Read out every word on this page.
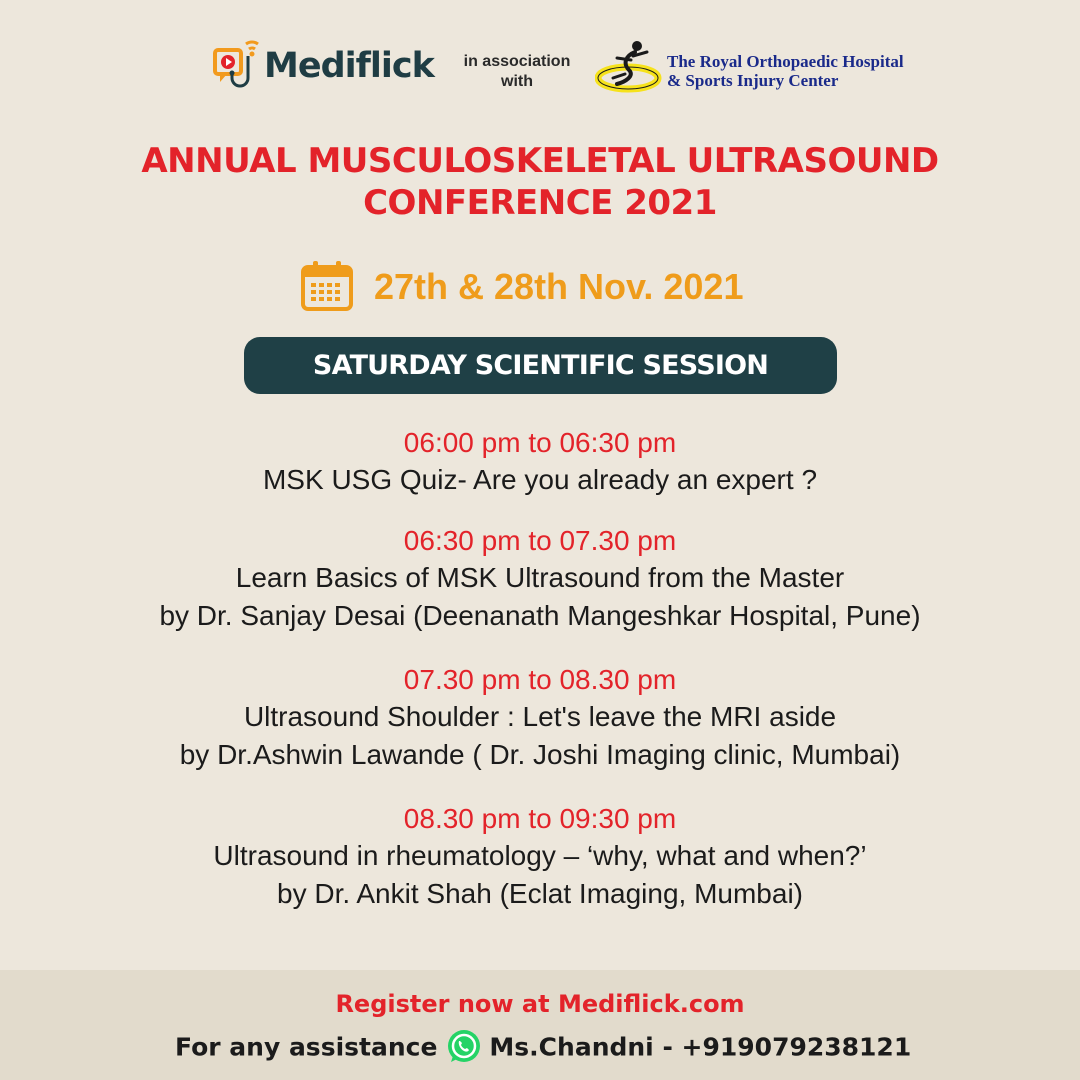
Mediflick	in association
with
The Royal Orthopaedic Hospital
& Sports Injury Center
ANNUAL MUSCULOSKELETAL ULTRASOUND
CONFERENCE 2021
27th & 28th Nov. 2021
SATURDAY SCIENTIFIC SESSION
06:00 pm to 06:30 pm
MSK USG Quiz- Are you already an expert ?
06:30 pm to 07.30 pm
Learn Basics of MSK Ultrasound from the Master
by Dr. Sanjay Desai (Deenanath Mangeshkar Hospital, Pune)
07.30 pm to 08.30 pm
Ultrasound Shoulder : Let's leave the MRI aside
by Dr.Ashwin Lawande ( Dr. Joshi Imaging clinic, Mumbai)
08.30 pm to 09:30 pm
Ultrasound in rheumatology – ‘why, what and when?’
by Dr. Ankit Shah (Eclat Imaging, Mumbai)
Register now at Mediflick.com
For any assistance Ms.Chandni - +919079238121
